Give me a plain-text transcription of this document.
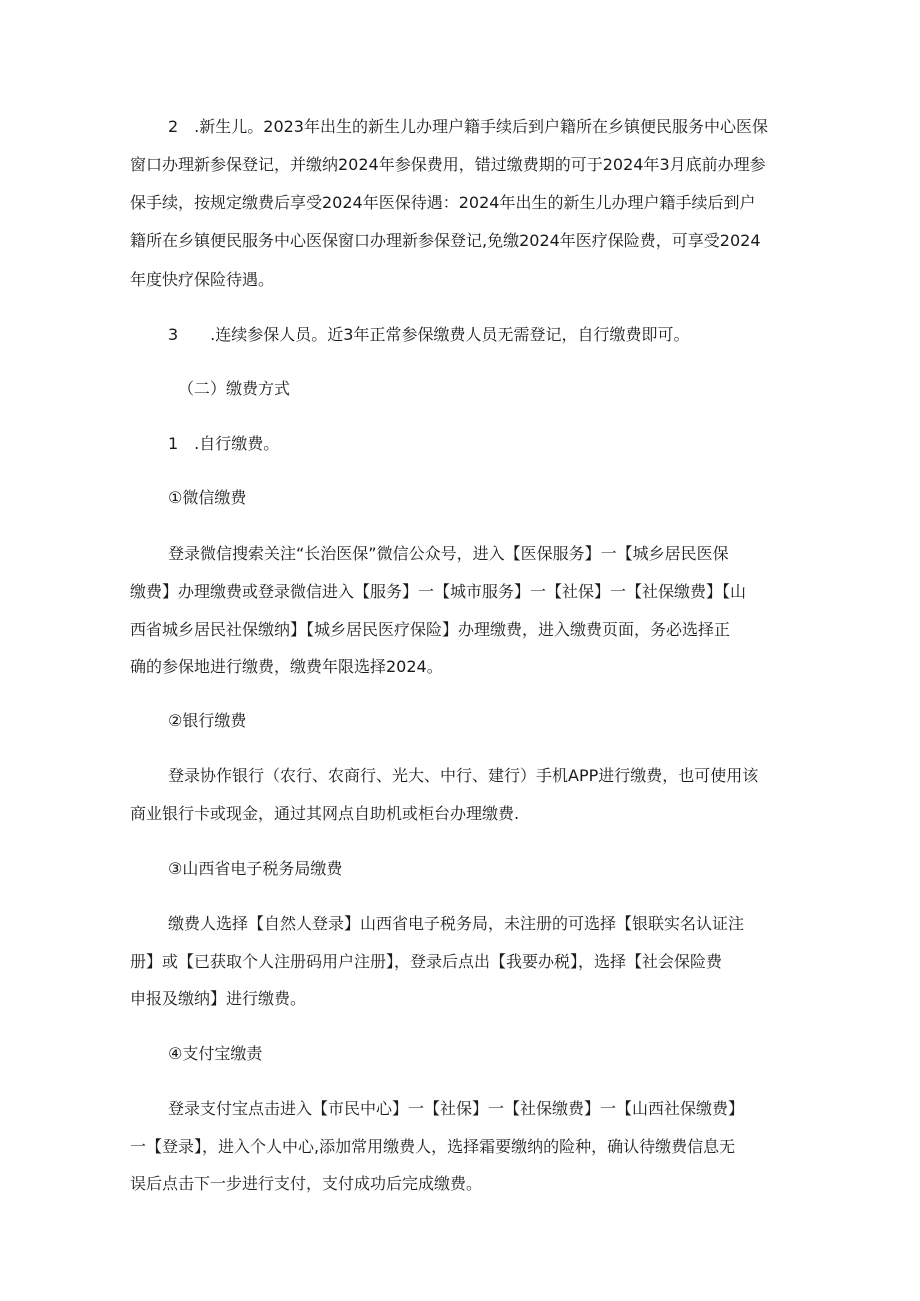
2　.新生儿。2023年出生的新生儿办理户籍手续后到户籍所在乡镇便民服务中心医保
窗口办理新参保登记，并缴纳2024年参保费用，错过缴费期的可于2024年3月底前办理参
保手续，按规定缴费后享受2024年医保待遇：2024年出生的新生儿办理户籍手续后到户
籍所在乡镇便民服务中心医保窗口办理新参保登记,免缴2024年医疗保险费，可享受2024
年度快疗保险待遇。
3　　.连续参保人员。近3年正常参保缴费人员无需登记，自行缴费即可。
（二）缴费方式
1　.自行缴费。
①微信缴费
登录微信搜索关注“长治医保”微信公众号，进入【医保服务】一【城乡居民医保
缴费】办理缴费或登录微信进入【服务】一【城市服务】一【社保】一【社保缴费】【山
西省城乡居民社保缴纳】【城乡居民医疗保险】办理缴费，进入缴费页面，务必选择正
确的参保地进行缴费，缴费年限选择2024。
②银行缴费
登录协作银行（农行、农商行、光大、中行、建行）手机APP进行缴费，也可使用该
商业银行卡或现金，通过其网点自助机或柜台办理缴费.
③山西省电子税务局缴费
缴费人选择【自然人登录】山西省电子税务局，未注册的可选择【银联实名认证注
册】或【已获取个人注册码用户注册】，登录后点出【我要办税】，选择【社会保险费
申报及缴纳】进行缴费。
④支付宝缴责
登录支付宝点击进入【市民中心】一【社保】一【社保缴费】一【山西社保缴费】
一【登录】，进入个人中心,添加常用缴费人，选择霜要缴纳的险种，确认待缴费信息无
误后点击下一步进行支付，支付成功后完成缴费。
